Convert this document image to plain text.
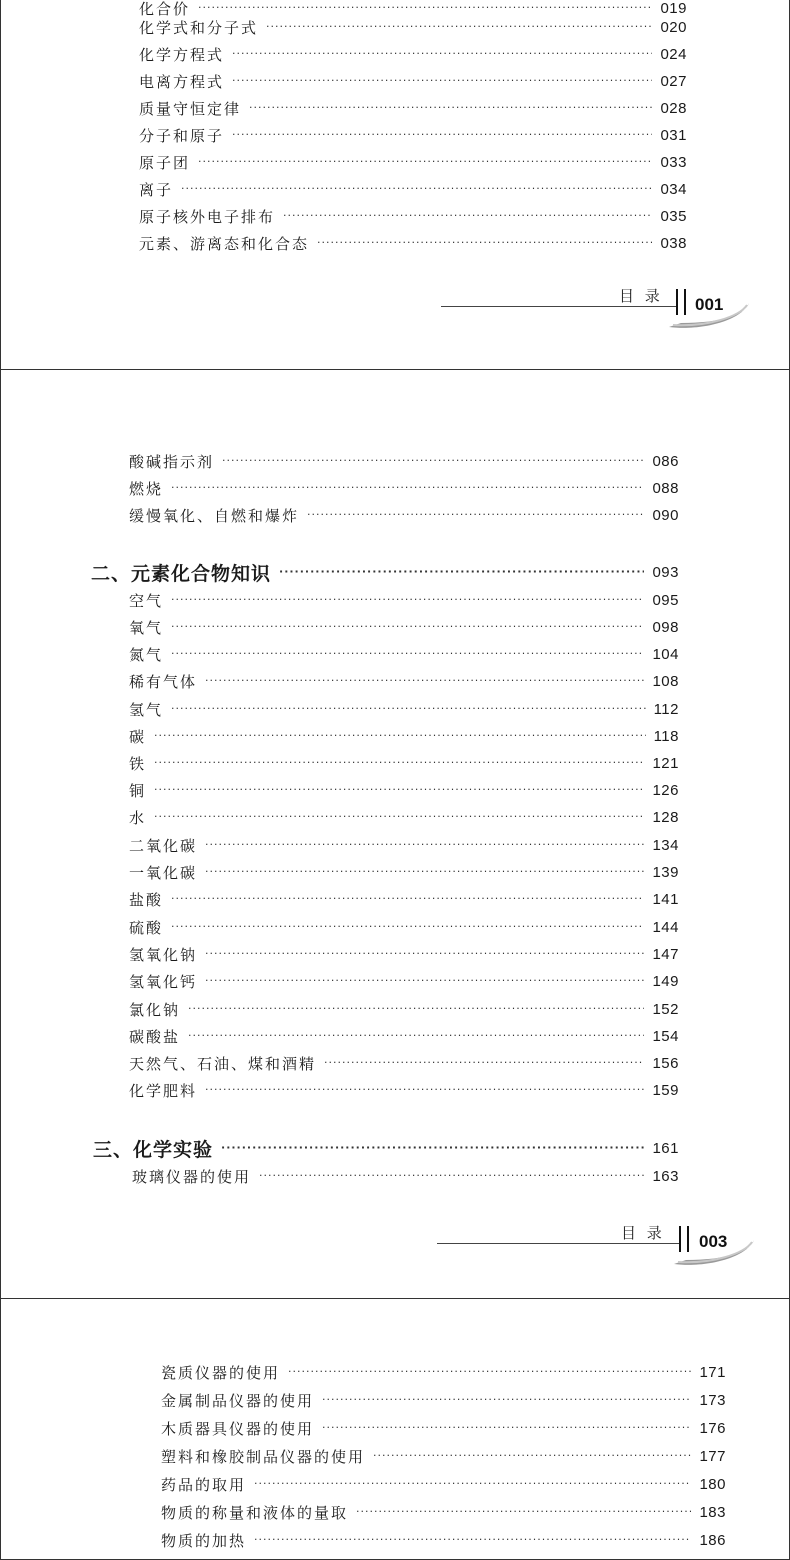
化合价 ·····	019
化学式和分子式 ·····	020
化学方程式 ·····	024
电离方程式 ·····	027
质量守恒定律 ·····	028
分子和原子 ·····	031
原子团 ·····	033
离子 ·····	034
原子核外电子排布 ·····	035
元素、游离态和化合态 ·····	038
目 录 001
酸碱指示剂 ·····	086
燃烧 ·····	088
缓慢氧化、自燃和爆炸 ·····	090
二、元素化合物知识 ·····	093
空气 ·····	095
氧气 ·····	098
氮气 ·····	104
稀有气体 ·····	108
氢气 ·····	112
碳 ·····	118
铁 ·····	121
铜 ·····	126
水 ·····	128
二氧化碳 ·····	134
一氧化碳 ·····	139
盐酸 ·····	141
硫酸 ·····	144
氢氧化钠 ·····	147
氢氧化钙 ·····	149
氯化钠 ·····	152
碳酸盐 ·····	154
天然气、石油、煤和酒精 ·····	156
化学肥料 ·····	159
三、化学实验 ·····	161
玻璃仪器的使用 ·····	163
目 录 003
瓷质仪器的使用 ·····	171
金属制品仪器的使用 ·····	173
木质器具仪器的使用 ·····	176
塑料和橡胶制品仪器的使用 ·····	177
药品的取用 ·····	180
物质的称量和液体的量取 ·····	183
物质的加热 ·····	186
